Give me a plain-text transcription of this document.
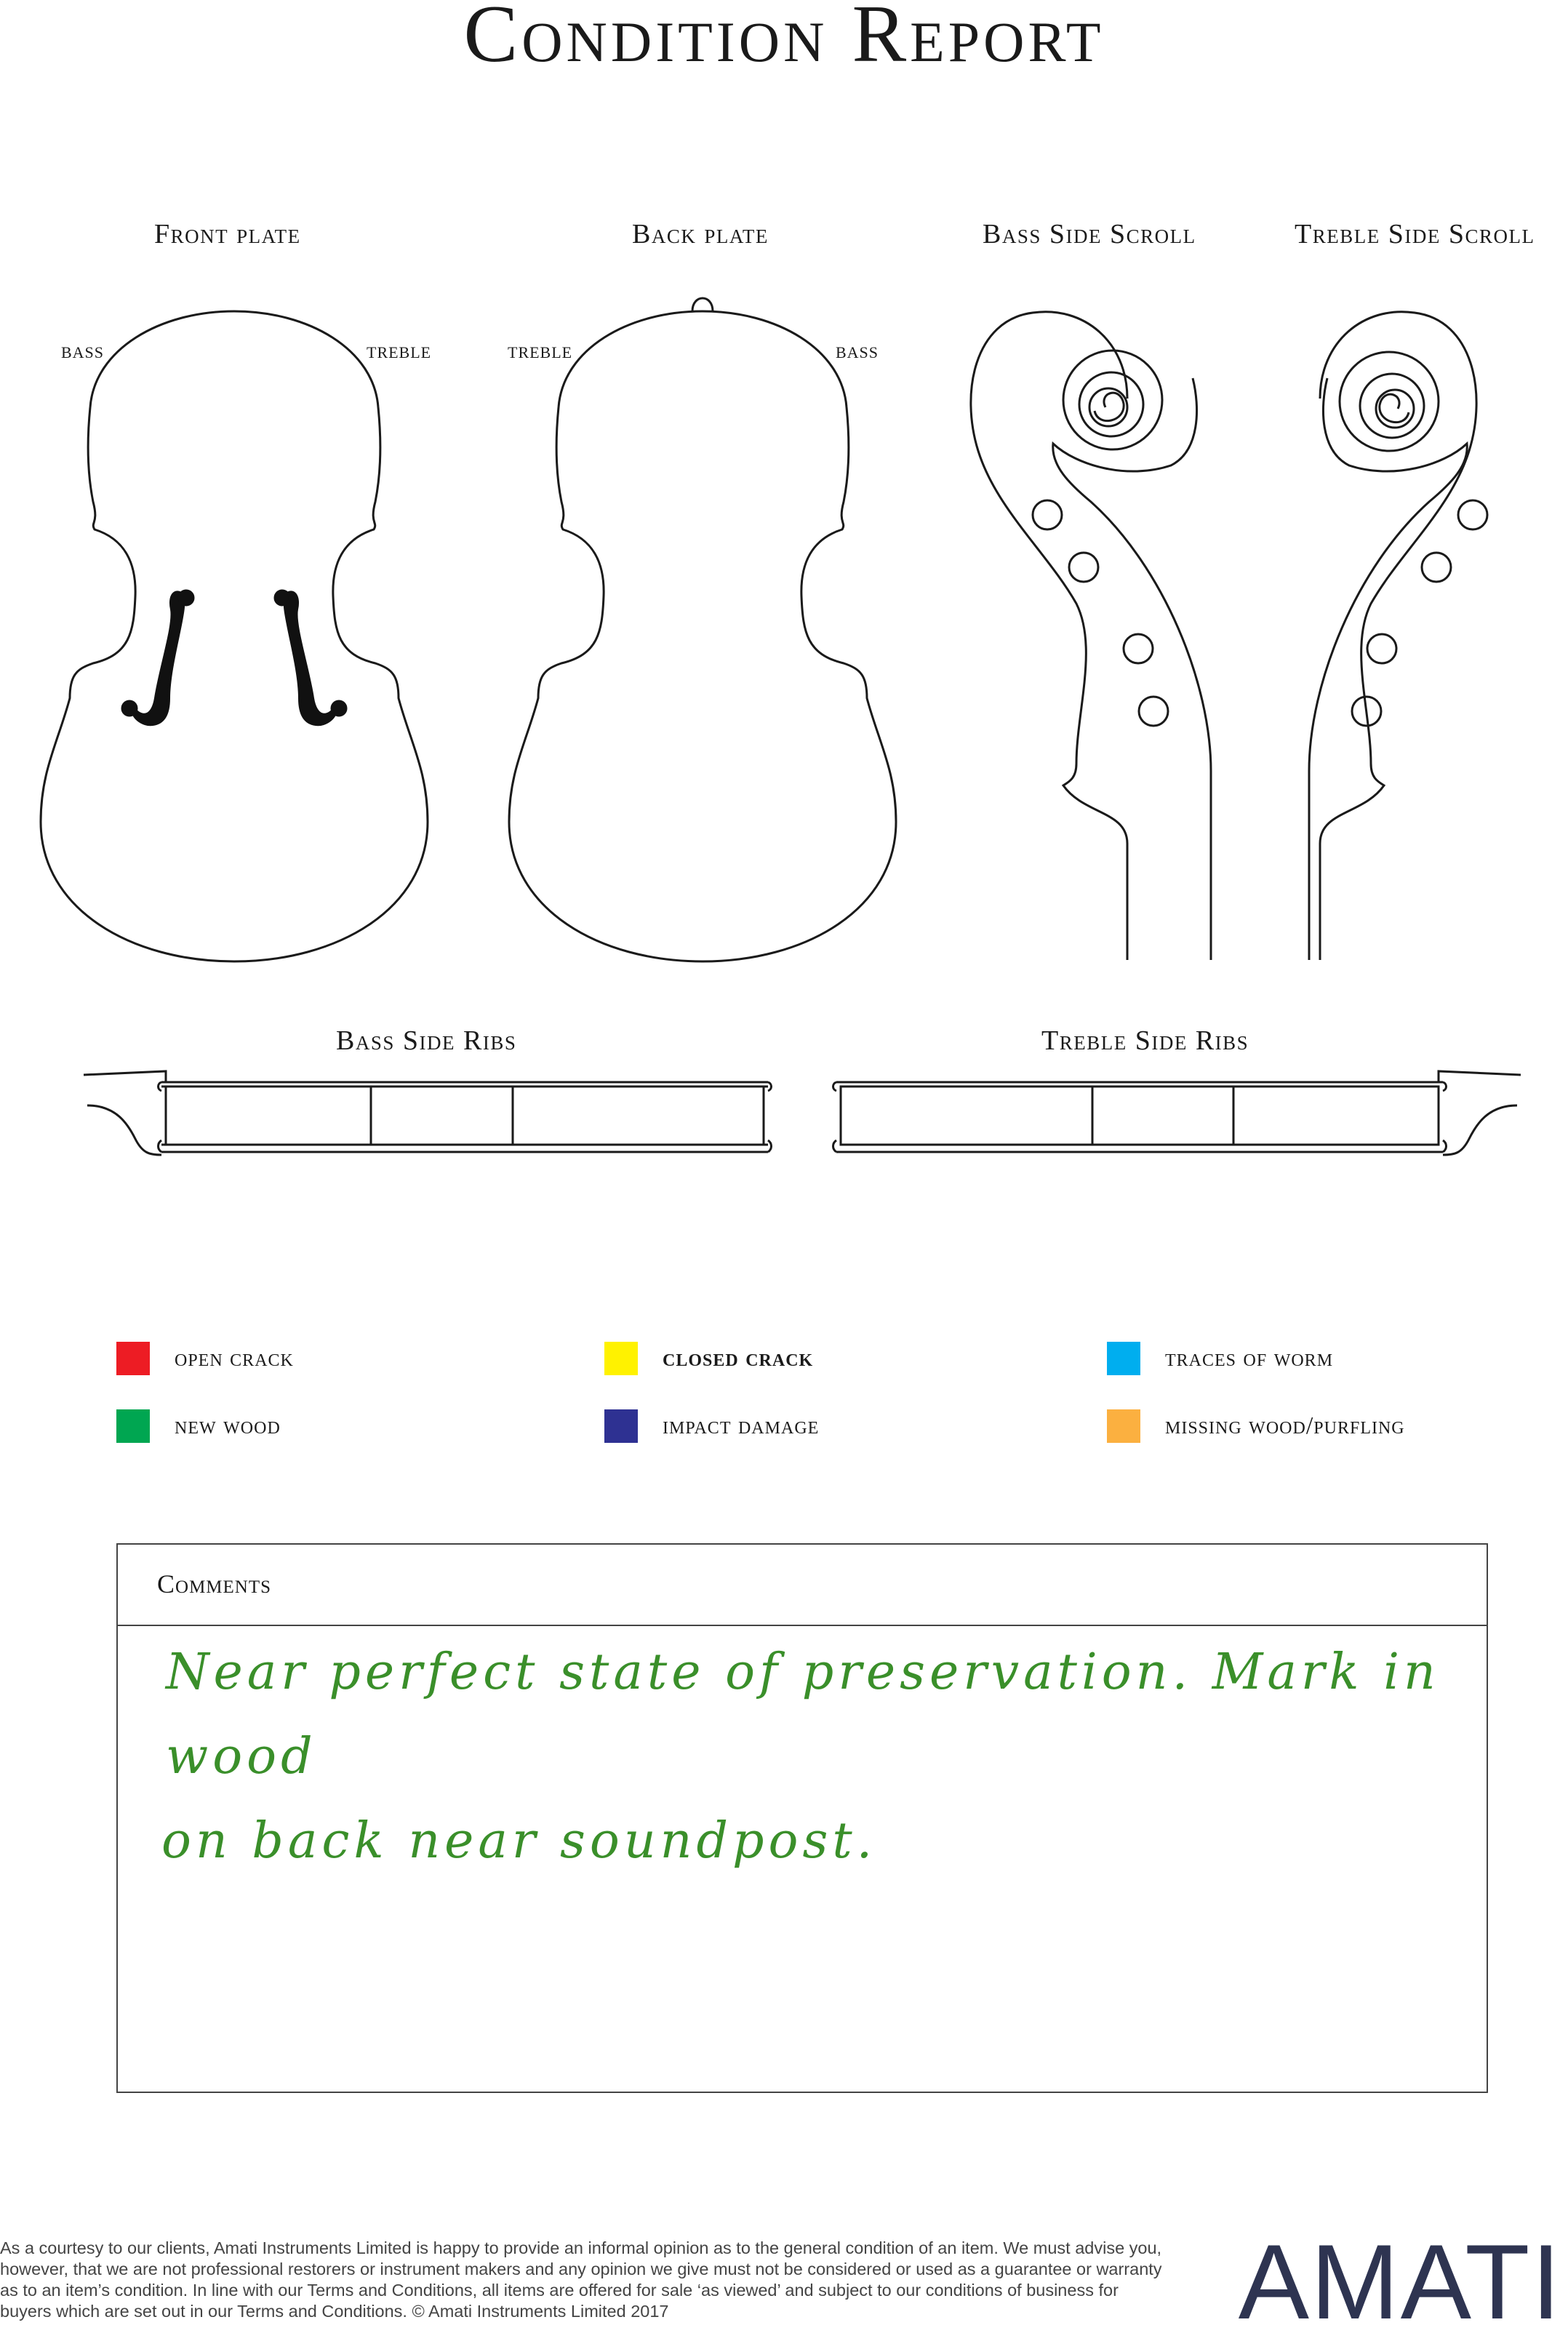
Condition Report
Front plate	Back plate	Bass Side Scroll	Treble Side Scroll
Bass Side Ribs	Treble Side Ribs
BASS	TREBLE	TREBLE	BASS
open crack	closed crack	traces of worm
new wood	impact damage	missing wood/purfling
Comments
Near perfect state of preservation. Mark in wood
on back near soundpost.
As a courtesy to our clients, Amati Instruments Limited is happy to provide an informal opinion as to the general condition of an item. We must advise you, however, that we are not professional restorers or instrument makers and any opinion we give must not be considered or used as a guarantee or warranty as to an item’s condition. In line with our Terms and Conditions, all items are offered for sale ‘as viewed’ and subject to our conditions of business for buyers which are set out in our Terms and Conditions. © Amati Instruments Limited 2017	AMATI
